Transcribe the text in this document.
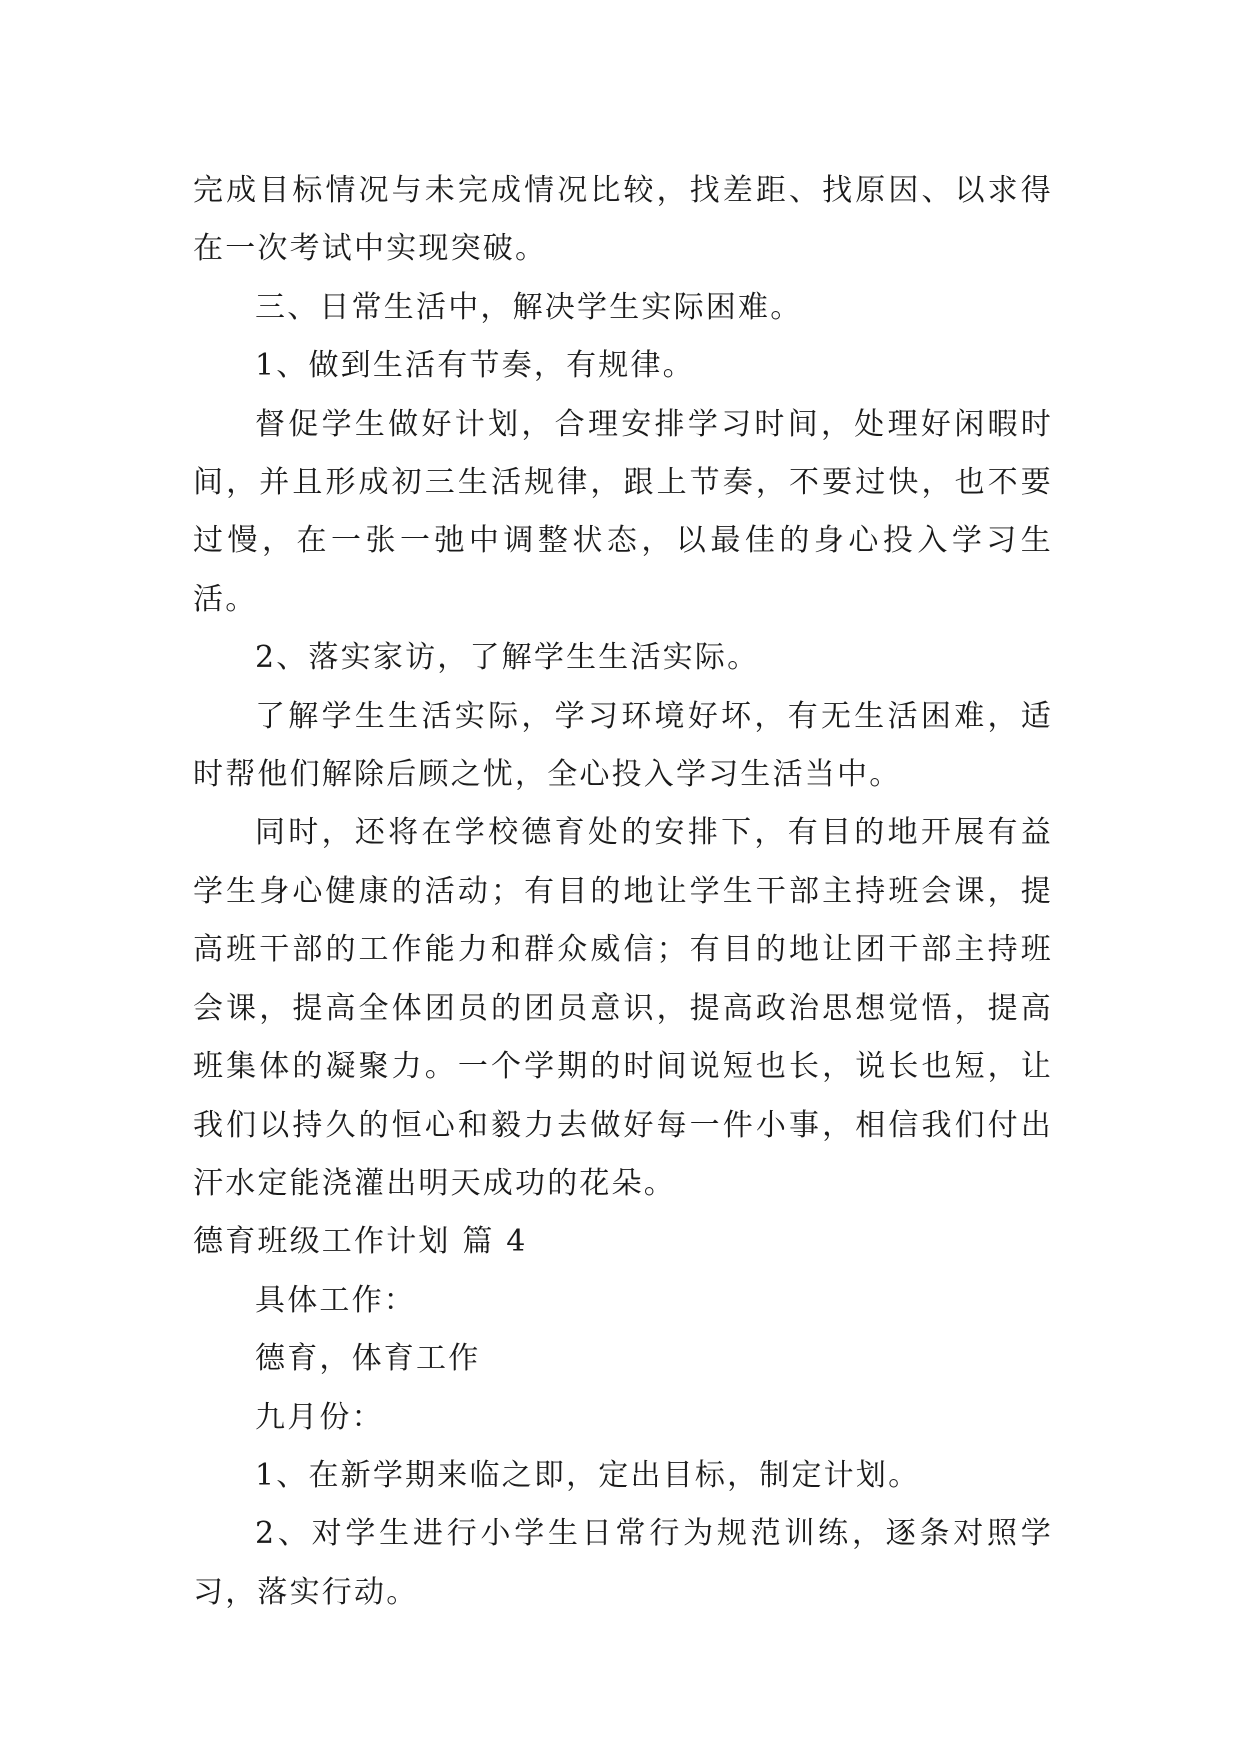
完成目标情况与未完成情况比较，找差距、找原因、以求得在一次考试中实现突破。

三、日常生活中，解决学生实际困难。

1、做到生活有节奏，有规律。

督促学生做好计划，合理安排学习时间，处理好闲暇时间，并且形成初三生活规律，跟上节奏，不要过快，也不要过慢，在一张一弛中调整状态，以最佳的身心投入学习生活。

2、落实家访，了解学生生活实际。

了解学生生活实际，学习环境好坏，有无生活困难，适时帮他们解除后顾之忧，全心投入学习生活当中。

同时，还将在学校德育处的安排下，有目的地开展有益学生身心健康的活动；有目的地让学生干部主持班会课，提高班干部的工作能力和群众威信；有目的地让团干部主持班会课，提高全体团员的团员意识，提高政治思想觉悟，提高班集体的凝聚力。一个学期的时间说短也长，说长也短，让我们以持久的恒心和毅力去做好每一件小事，相信我们付出汗水定能浇灌出明天成功的花朵。

德育班级工作计划 篇 4

具体工作：

德育，体育工作

九月份：

1、在新学期来临之即，定出目标，制定计划。

2、对学生进行小学生日常行为规范训练，逐条对照学习，落实行动。
